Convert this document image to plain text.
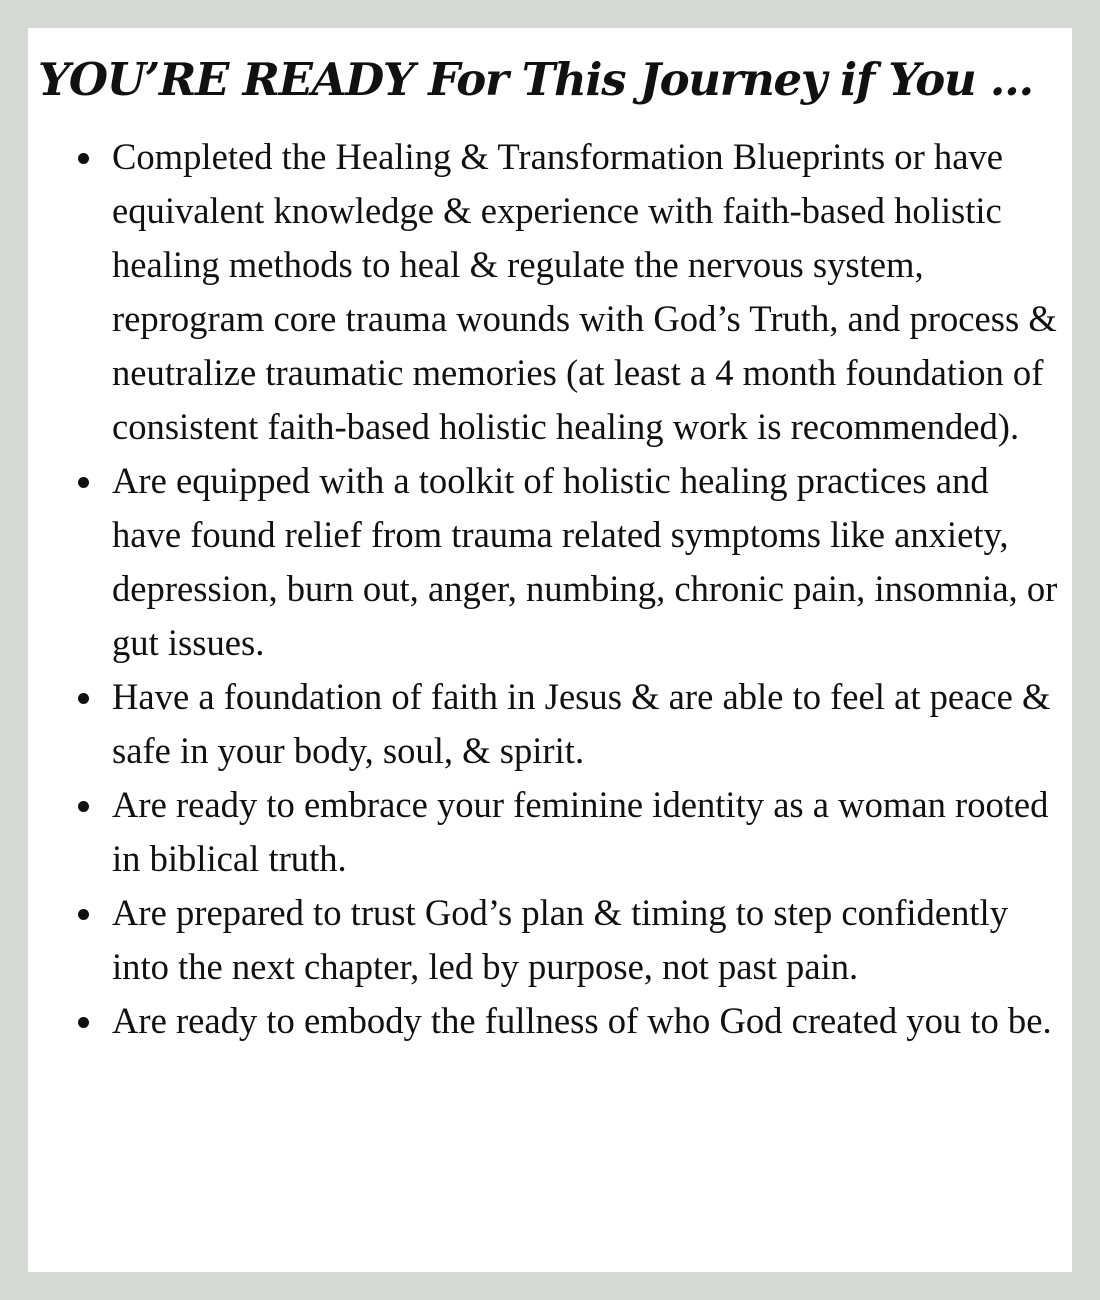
YOU’RE READY For This Journey if You ...
Completed the Healing & Transformation Blueprints or have equivalent knowledge & experience with faith-based holistic healing methods to heal & regulate the nervous system, reprogram core trauma wounds with God’s Truth, and process & neutralize traumatic memories (at least a 4 month foundation of consistent faith-based holistic healing work is recommended).
Are equipped with a toolkit of holistic healing practices and have found relief from trauma related symptoms like anxiety, depression, burn out, anger, numbing, chronic pain, insomnia, or gut issues.
Have a foundation of faith in Jesus & are able to feel at peace & safe in your body, soul, & spirit.
Are ready to embrace your feminine identity as a woman rooted in biblical truth.
Are prepared to trust God’s plan & timing to step confidently into the next chapter, led by purpose, not past pain.
Are ready to embody the fullness of who God created you to be.
